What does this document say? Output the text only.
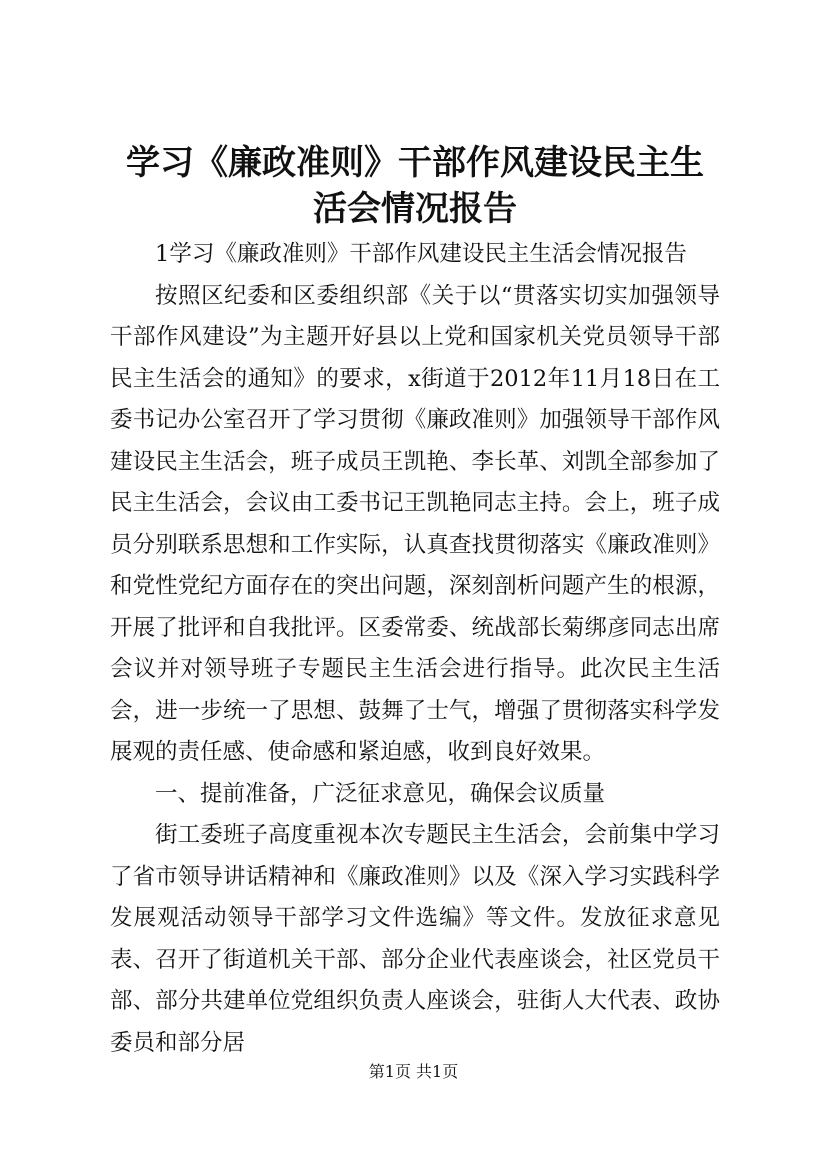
学习《廉政准则》干部作风建设民主生活会情况报告

1学习《廉政准则》干部作风建设民主生活会情况报告

按照区纪委和区委组织部《关于以“贯落实切实加强领导干部作风建设”为主题开好县以上党和国家机关党员领导干部民主生活会的通知》的要求，x街道于2012年11月18日在工委书记办公室召开了学习贯彻《廉政准则》加强领导干部作风建设民主生活会，班子成员王凯艳、李长革、刘凯全部参加了民主生活会，会议由工委书记王凯艳同志主持。会上，班子成员分别联系思想和工作实际，认真查找贯彻落实《廉政准则》和党性党纪方面存在的突出问题，深刻剖析问题产生的根源，开展了批评和自我批评。区委常委、统战部长菊绑彦同志出席会议并对领导班子专题民主生活会进行指导。此次民主生活会，进一步统一了思想、鼓舞了士气，增强了贯彻落实科学发展观的责任感、使命感和紧迫感，收到良好效果。

一、提前准备，广泛征求意见，确保会议质量

街工委班子高度重视本次专题民主生活会，会前集中学习了省市领导讲话精神和《廉政准则》以及《深入学习实践科学发展观活动领导干部学习文件选编》等文件。发放征求意见表、召开了街道机关干部、部分企业代表座谈会，社区党员干部、部分共建单位党组织负责人座谈会，驻街人大代表、政协委员和部分居

第1页 共1页
